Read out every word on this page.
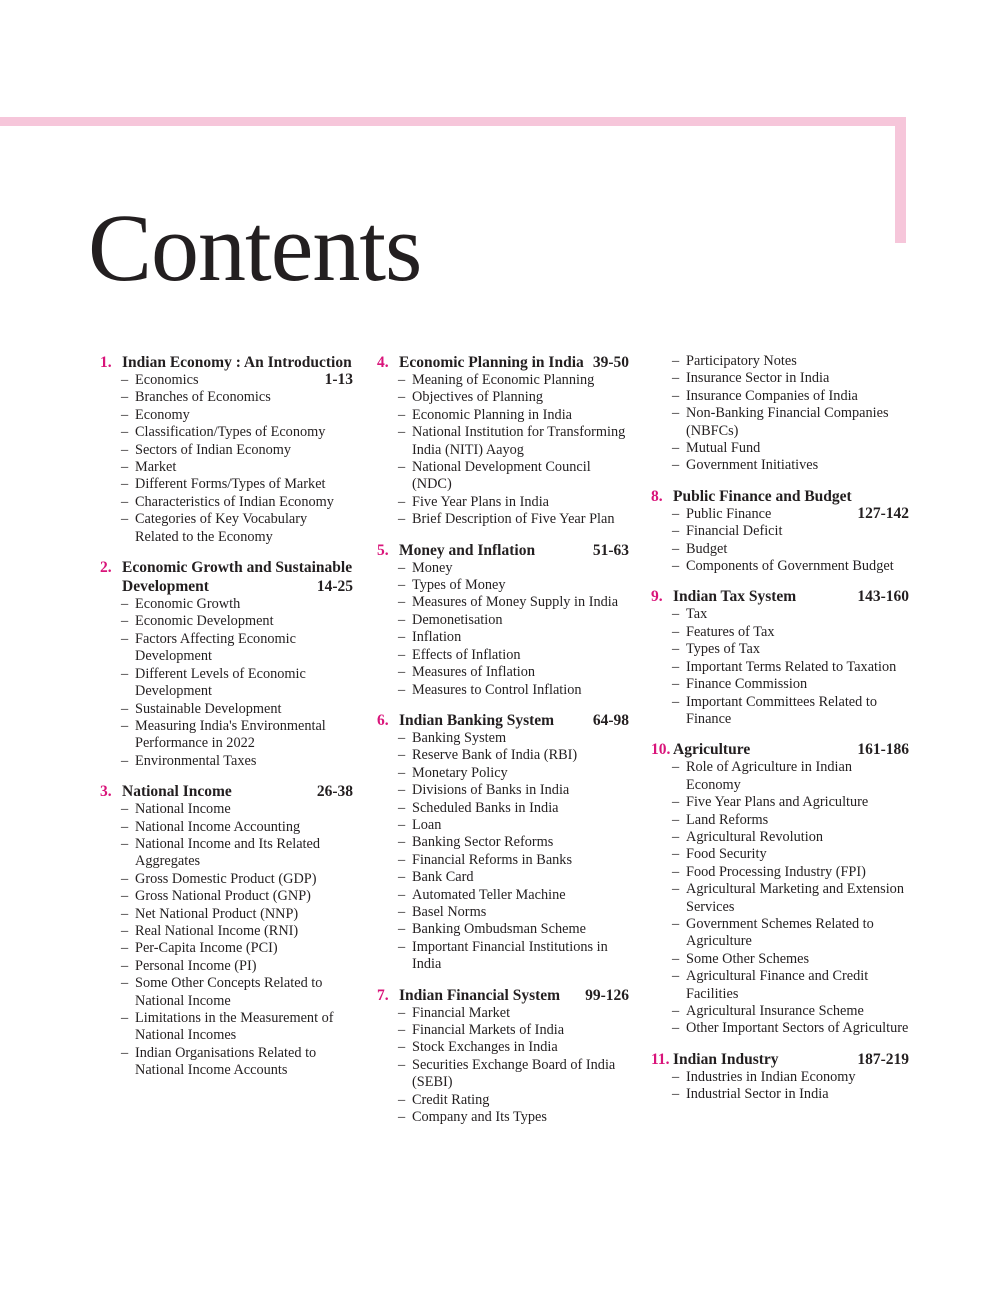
Contents
1. Indian Economy : An Introduction
– Economics	1-13
– Branches of Economics
– Economy
– Classification/Types of Economy
– Sectors of Indian Economy
– Market
– Different Forms/Types of Market
– Characteristics of Indian Economy
– Categories of Key Vocabulary Related to the Economy
2. Economic Growth and Sustainable Development	14-25
– Economic Growth
– Economic Development
– Factors Affecting Economic Development
– Different Levels of Economic Development
– Sustainable Development
– Measuring India's Environmental Performance in 2022
– Environmental Taxes
3. National Income	26-38
– National Income
– National Income Accounting
– National Income and Its Related Aggregates
– Gross Domestic Product (GDP)
– Gross National Product (GNP)
– Net National Product (NNP)
– Real National Income (RNI)
– Per-Capita Income (PCI)
– Personal Income (PI)
– Some Other Concepts Related to National Income
– Limitations in the Measurement of National Incomes
– Indian Organisations Related to National Income Accounts
4. Economic Planning in India 39-50
– Meaning of Economic Planning
– Objectives of Planning
– Economic Planning in India
– National Institution for Transforming India (NITI) Aayog
– National Development Council (NDC)
– Five Year Plans in India
– Brief Description of Five Year Plan
5. Money and Inflation	51-63
– Money
– Types of Money
– Measures of Money Supply in India
– Demonetisation
– Inflation
– Effects of Inflation
– Measures of Inflation
– Measures to Control Inflation
6. Indian Banking System	64-98
– Banking System
– Reserve Bank of India (RBI)
– Monetary Policy
– Divisions of Banks in India
– Scheduled Banks in India
– Loan
– Banking Sector Reforms
– Financial Reforms in Banks
– Bank Card
– Automated Teller Machine
– Basel Norms
– Banking Ombudsman Scheme
– Important Financial Institutions in India
7. Indian Financial System	99-126
– Financial Market
– Financial Markets of India
– Stock Exchanges in India
– Securities Exchange Board of India (SEBI)
– Credit Rating
– Company and Its Types
– Participatory Notes
– Insurance Sector in India
– Insurance Companies of India
– Non-Banking Financial Companies (NBFCs)
– Mutual Fund
– Government Initiatives
8. Public Finance and Budget
– Public Finance	127-142
– Financial Deficit
– Budget
– Components of Government Budget
9. Indian Tax System	143-160
– Tax
– Features of Tax
– Types of Tax
– Important Terms Related to Taxation
– Finance Commission
– Important Committees Related to Finance
10. Agriculture	161-186
– Role of Agriculture in Indian Economy
– Five Year Plans and Agriculture
– Land Reforms
– Agricultural Revolution
– Food Security
– Food Processing Industry (FPI)
– Agricultural Marketing and Extension Services
– Government Schemes Related to Agriculture
– Some Other Schemes
– Agricultural Finance and Credit Facilities
– Agricultural Insurance Scheme
– Other Important Sectors of Agriculture
11. Indian Industry	187-219
– Industries in Indian Economy
– Industrial Sector in India
